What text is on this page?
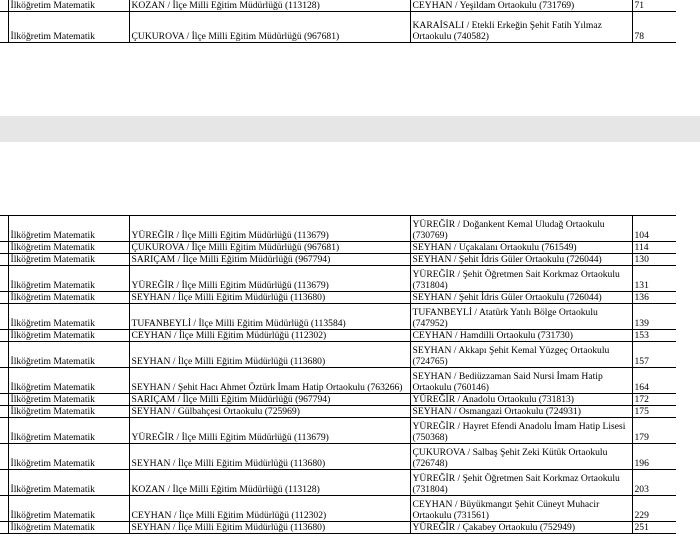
	İlköğretim Matematik	KOZAN / İlçe Milli Eğitim Müdürlüğü (113128)	CEYHAN / Yeşildam Ortaokulu (731769)	71
	İlköğretim Matematik	ÇUKUROVA / İlçe Milli Eğitim Müdürlüğü (967681)	KARAİSALI / Etekli Erkeğin Şehit Fatih Yılmaz Ortaokulu (740582)	78
	İlköğretim Matematik	YÜREĞİR / İlçe Milli Eğitim Müdürlüğü (113679)	YÜREĞİR / Doğankent Kemal Uludağ Ortaokulu (730769)	104
	İlköğretim Matematik	ÇUKUROVA / İlçe Milli Eğitim Müdürlüğü (967681)	SEYHAN / Uçakalanı Ortaokulu (761549)	114
	İlköğretim Matematik	SARIÇAM / İlçe Milli Eğitim Müdürlüğü (967794)	SEYHAN / Şehit İdris Güler Ortaokulu (726044)	130
	İlköğretim Matematik	YÜREĞİR / İlçe Milli Eğitim Müdürlüğü (113679)	YÜREĞİR / Şehit Öğretmen Sait Korkmaz Ortaokulu (731804)	131
	İlköğretim Matematik	SEYHAN / İlçe Milli Eğitim Müdürlüğü (113680)	SEYHAN / Şehit İdris Güler Ortaokulu (726044)	136
	İlköğretim Matematik	TUFANBEYLİ / İlçe Milli Eğitim Müdürlüğü (113584)	TUFANBEYLİ / Atatürk Yatılı Bölge Ortaokulu (747952)	139
	İlköğretim Matematik	CEYHAN / İlçe Milli Eğitim Müdürlüğü (112302)	CEYHAN / Hamdilli Ortaokulu (731730)	153
	İlköğretim Matematik	SEYHAN / İlçe Milli Eğitim Müdürlüğü (113680)	SEYHAN / Akkapı Şehit Kemal Yüzgeç Ortaokulu (724765)	157
	İlköğretim Matematik	SEYHAN / Şehit Hacı Ahmet Öztürk İmam Hatip Ortaokulu (763266)	SEYHAN / Bediüzzaman Said Nursi İmam Hatip Ortaokulu (760146)	164
	İlköğretim Matematik	SARIÇAM / İlçe Milli Eğitim Müdürlüğü (967794)	YÜREĞİR / Anadolu Ortaokulu (731813)	172
	İlköğretim Matematik	SEYHAN / Gülbahçesi Ortaokulu (725969)	SEYHAN / Osmangazi Ortaokulu (724931)	175
	İlköğretim Matematik	YÜREĞİR / İlçe Milli Eğitim Müdürlüğü (113679)	YÜREĞİR / Hayret Efendi Anadolu İmam Hatip Lisesi (750368)	179
	İlköğretim Matematik	SEYHAN / İlçe Milli Eğitim Müdürlüğü (113680)	ÇUKUROVA / Salbaş Şehit Zeki Kütük Ortaokulu (726748)	196
	İlköğretim Matematik	KOZAN / İlçe Milli Eğitim Müdürlüğü (113128)	YÜREĞİR / Şehit Öğretmen Sait Korkmaz Ortaokulu (731804)	203
	İlköğretim Matematik	CEYHAN / İlçe Milli Eğitim Müdürlüğü (112302)	CEYHAN / Büyükmangıt Şehit Cüneyt Muhacir Ortaokulu (731561)	229
	İlköğretim Matematik	SEYHAN / İlçe Milli Eğitim Müdürlüğü (113680)	YÜREĞİR / Çakabey Ortaokulu (752949)	251
